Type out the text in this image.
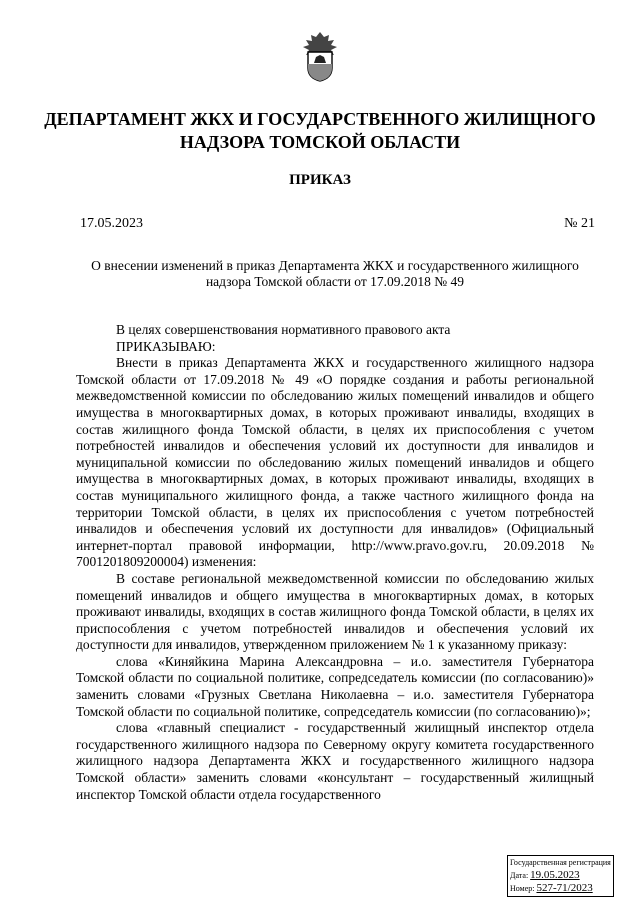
ДЕПАРТАМЕНТ ЖКХ И ГОСУДАРСТВЕННОГО ЖИЛИЩНОГО НАДЗОРА ТОМСКОЙ ОБЛАСТИ
ПРИКАЗ
17.05.2023	№ 21
О внесении изменений в приказ Департамента ЖКХ и государственного жилищного надзора Томской области от 17.09.2018 № 49

В целях совершенствования нормативного правового акта

ПРИКАЗЫВАЮ:

Внести в приказ Департамента ЖКХ и государственного жилищного надзора Томской области от 17.09.2018 № 49 «О порядке создания и работы региональной межведомственной комиссии по обследованию жилых помещений инвалидов и общего имущества в многоквартирных домах, в которых проживают инвалиды, входящих в состав жилищного фонда Томской области, в целях их приспособления с учетом потребностей инвалидов и обеспечения условий их доступности для инвалидов и муниципальной комиссии по обследованию жилых помещений инвалидов и общего имущества в многоквартирных домах, в которых проживают инвалиды, входящих в состав муниципального жилищного фонда, а также частного жилищного фонда на территории Томской области, в целях их приспособления с учетом потребностей инвалидов и обеспечения условий их доступности для инвалидов» (Официальный интернет-портал правовой информации, http://www.pravo.gov.ru, 20.09.2018 № 7001201809200004) изменения:

В составе региональной межведомственной комиссии по обследованию жилых помещений инвалидов и общего имущества в многоквартирных домах, в которых проживают инвалиды, входящих в состав жилищного фонда Томской области, в целях их приспособления с учетом потребностей инвалидов и обеспечения условий их доступности для инвалидов, утвержденном приложением № 1 к указанному приказу:

слова «Киняйкина Марина Александровна – и.о. заместителя Губернатора Томской области по социальной политике, сопредседатель комиссии (по согласованию)» заменить словами «Грузных Светлана Николаевна – и.о. заместителя Губернатора Томской области по социальной политике, сопредседатель комиссии (по согласованию)»;

слова «главный специалист - государственный жилищный инспектор отдела государственного жилищного надзора по Северному округу комитета государственного жилищного надзора Департамента ЖКХ и государственного жилищного надзора Томской области» заменить словами «консультант – государственный жилищный инспектор Томской области отдела государственного

Государственная регистрация
Дата: 19.05.2023
Номер: 527-71/2023
